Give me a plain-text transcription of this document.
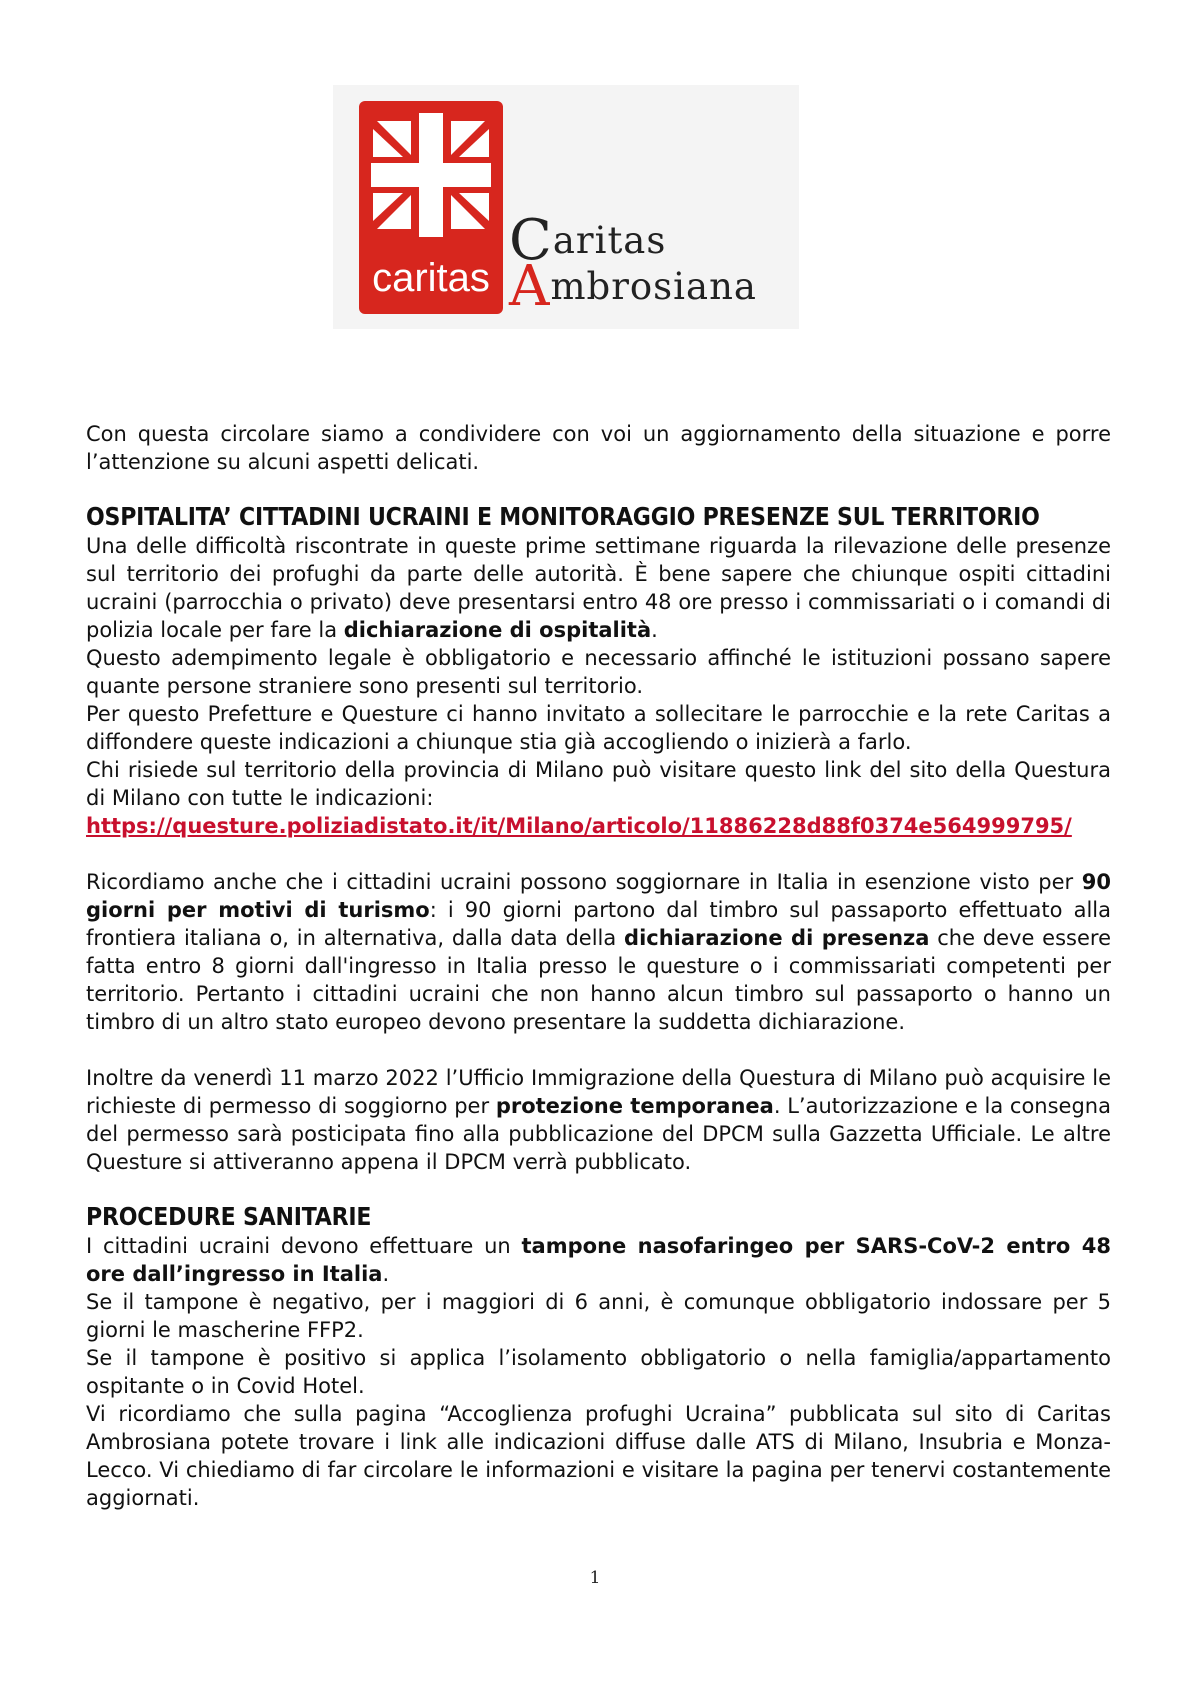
caritas
Caritas
Ambrosiana

Con questa circolare siamo a condividere con voi un aggiornamento della situazione e porre l’attenzione su alcuni aspetti delicati.

OSPITALITA’ CITTADINI UCRAINI E MONITORAGGIO PRESENZE SUL TERRITORIO

Una delle difficoltà riscontrate in queste prime settimane riguarda la rilevazione delle presenze sul territorio dei profughi da parte delle autorità. È bene sapere che chiunque ospiti cittadini ucraini (parrocchia o privato) deve presentarsi entro 48 ore presso i commissariati o i comandi di polizia locale per fare la dichiarazione di ospitalità.

Questo adempimento legale è obbligatorio e necessario affinché le istituzioni possano sapere quante persone straniere sono presenti sul territorio.

Per questo Prefetture e Questure ci hanno invitato a sollecitare le parrocchie e la rete Caritas a diffondere queste indicazioni a chiunque stia già accogliendo o inizierà a farlo.

Chi risiede sul territorio della provincia di Milano può visitare questo link del sito della Questura di Milano con tutte le indicazioni:

https://questure.poliziadistato.it/it/Milano/articolo/11886228d88f0374e564999795/

Ricordiamo anche che i cittadini ucraini possono soggiornare in Italia in esenzione visto per 90 giorni per motivi di turismo: i 90 giorni partono dal timbro sul passaporto effettuato alla frontiera italiana o, in alternativa, dalla data della dichiarazione di presenza che deve essere fatta entro 8 giorni dall'ingresso in Italia presso le questure o i commissariati competenti per territorio. Pertanto i cittadini ucraini che non hanno alcun timbro sul passaporto o hanno un timbro di un altro stato europeo devono presentare la suddetta dichiarazione.

Inoltre da venerdì 11 marzo 2022 l’Ufficio Immigrazione della Questura di Milano può acquisire le richieste di permesso di soggiorno per protezione temporanea. L’autorizzazione e la consegna del permesso sarà posticipata fino alla pubblicazione del DPCM sulla Gazzetta Ufficiale. Le altre Questure si attiveranno appena il DPCM verrà pubblicato.

PROCEDURE SANITARIE

I cittadini ucraini devono effettuare un tampone nasofaringeo per SARS-CoV-2 entro 48 ore dall’ingresso in Italia.

Se il tampone è negativo, per i maggiori di 6 anni, è comunque obbligatorio indossare per 5 giorni le mascherine FFP2.

Se il tampone è positivo si applica l’isolamento obbligatorio o nella famiglia/appartamento ospitante o in Covid Hotel.

Vi ricordiamo che sulla pagina “Accoglienza profughi Ucraina” pubblicata sul sito di Caritas Ambrosiana potete trovare i link alle indicazioni diffuse dalle ATS di Milano, Insubria e Monza-Lecco. Vi chiediamo di far circolare le informazioni e visitare la pagina per tenervi costantemente aggiornati.

1
